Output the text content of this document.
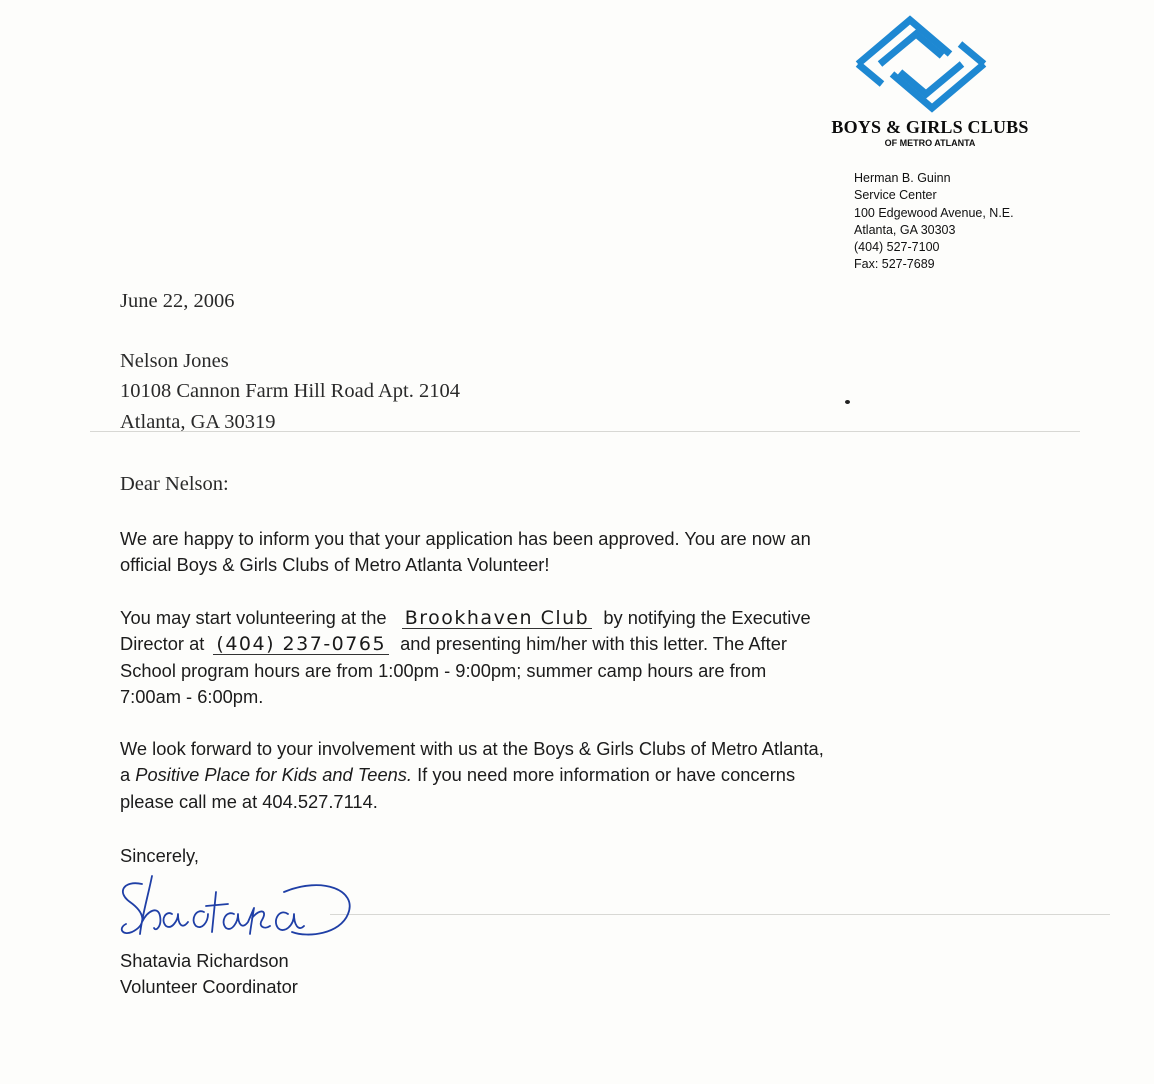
BOYS & GIRLS CLUBS
OF METRO ATLANTA
Herman B. Guinn
Service Center
100 Edgewood Avenue, N.E.
Atlanta, GA 30303
(404) 527-7100
Fax: 527-7689
June 22, 2006
Nelson Jones
10108 Cannon Farm Hill Road Apt. 2104
Atlanta, GA 30319
Dear Nelson:
We are happy to inform you that your application has been approved. You are now an
official Boys & Girls Clubs of Metro Atlanta Volunteer!
You may start volunteering at the Brookhaven Club by notifying the Executive
Director at (404) 237-0765 and presenting him/her with this letter. The After
School program hours are from 1:00pm - 9:00pm; summer camp hours are from
7:00am - 6:00pm.
We look forward to your involvement with us at the Boys & Girls Clubs of Metro Atlanta,
a Positive Place for Kids and Teens. If you need more information or have concerns
please call me at 404.527.7114.
Sincerely,
Shatavia Richardson
Volunteer Coordinator
